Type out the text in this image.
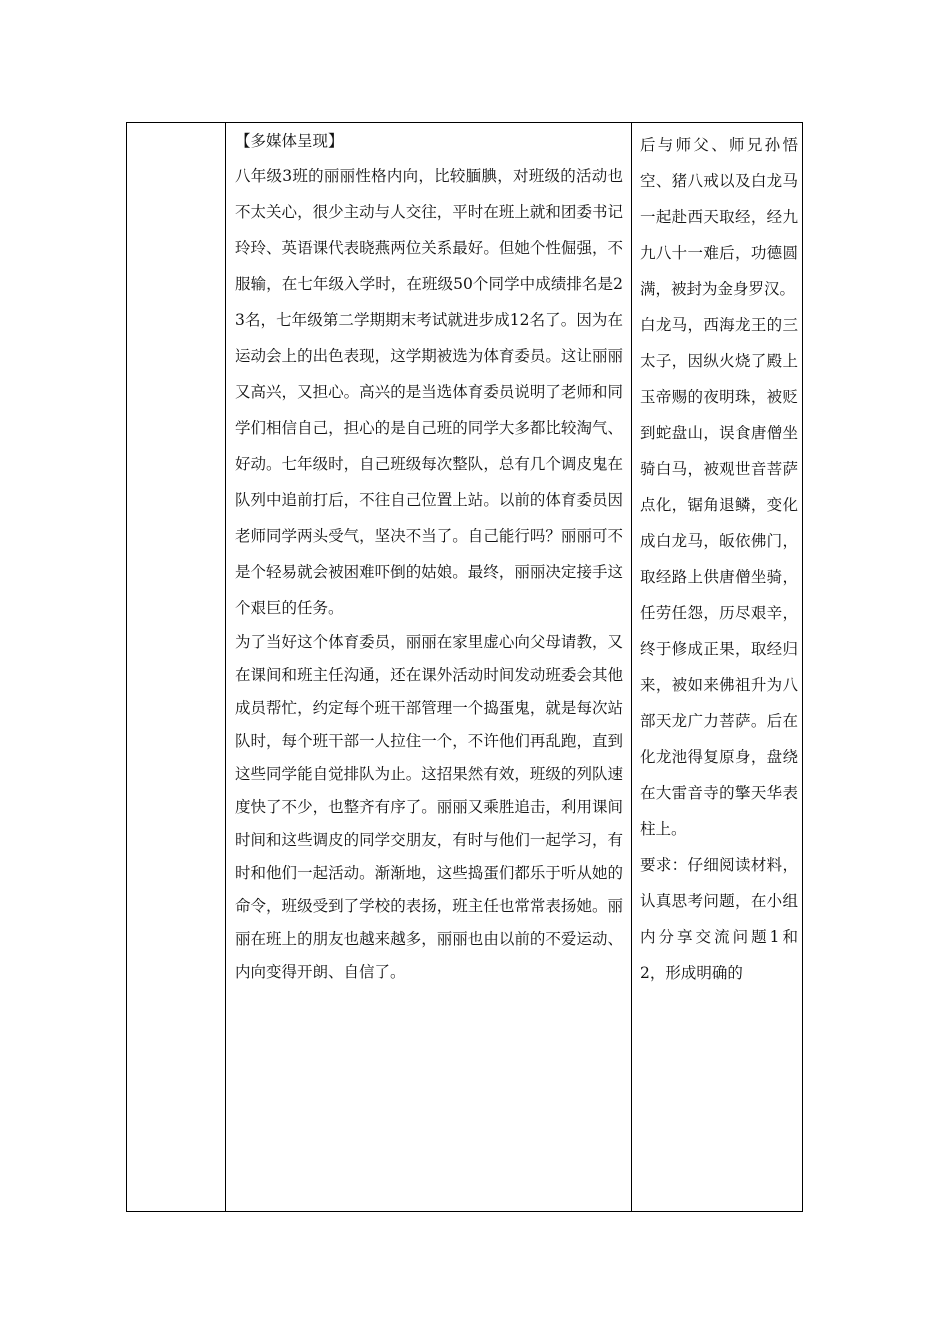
【多媒体呈现】

八年级3班的丽丽性格内向，比较腼腆，对班级的活动也不太关心，很少主动与人交往，平时在班上就和团委书记玲玲、英语课代表晓燕两位关系最好。但她个性倔强，不服输，在七年级入学时，在班级50个同学中成绩排名是23名，七年级第二学期期末考试就进步成12名了。因为在运动会上的出色表现，这学期被选为体育委员。这让丽丽又高兴，又担心。高兴的是当选体育委员说明了老师和同学们相信自己，担心的是自己班的同学大多都比较淘气、好动。七年级时，自己班级每次整队，总有几个调皮鬼在队列中追前打后，不往自己位置上站。以前的体育委员因老师同学两头受气，坚决不当了。自己能行吗？丽丽可不是个轻易就会被困难吓倒的姑娘。最终，丽丽决定接手这个艰巨的任务。

为了当好这个体育委员，丽丽在家里虚心向父母请教，又在课间和班主任沟通，还在课外活动时间发动班委会其他成员帮忙，约定每个班干部管理一个捣蛋鬼，就是每次站队时，每个班干部一人拉住一个，不许他们再乱跑，直到这些同学能自觉排队为止。这招果然有效，班级的列队速度快了不少，也整齐有序了。丽丽又乘胜追击，利用课间时间和这些调皮的同学交朋友，有时与他们一起学习，有时和他们一起活动。渐渐地，这些捣蛋们都乐于听从她的命令，班级受到了学校的表扬，班主任也常常表扬她。丽丽在班上的朋友也越来越多，丽丽也由以前的不爱运动、内向变得开朗、自信了。

后与师父、师兄孙悟空、猪八戒以及白龙马一起赴西天取经，经九九八十一难后，功德圆满，被封为金身罗汉。

白龙马，西海龙王的三太子，因纵火烧了殿上玉帝赐的夜明珠，被贬到蛇盘山，误食唐僧坐骑白马，被观世音菩萨点化，锯角退鳞，变化成白龙马，皈依佛门，取经路上供唐僧坐骑，任劳任怨，历尽艰辛，终于修成正果，取经归来，被如来佛祖升为八部天龙广力菩萨。后在化龙池得复原身，盘绕在大雷音寺的擎天华表柱上。

要求：仔细阅读材料，认真思考问题，在小组内分享交流问题1和2，形成明确的
